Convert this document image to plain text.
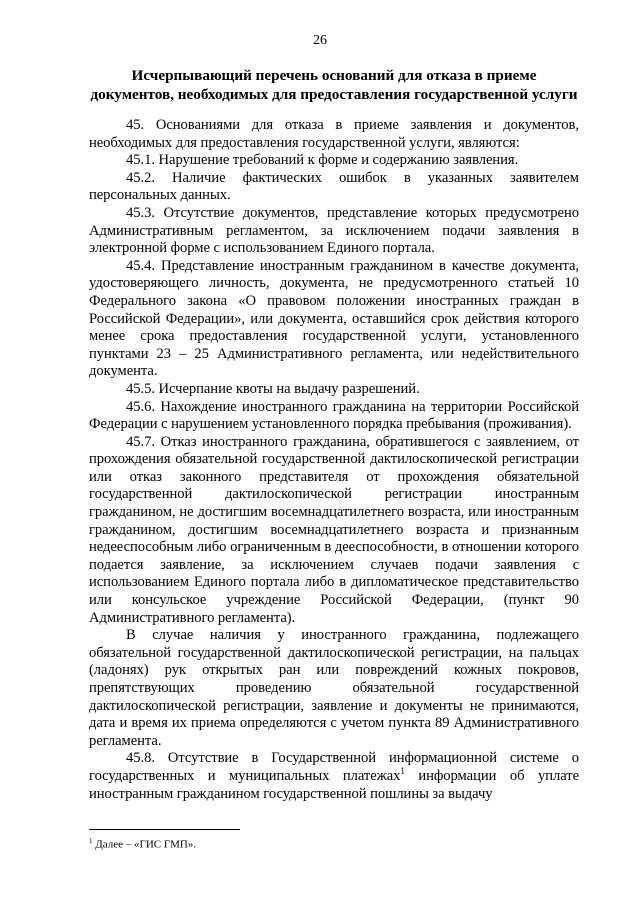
26
Исчерпывающий перечень оснований для отказа в приеме
документов, необходимых для предоставления государственной услуги

45. Основаниями для отказа в приеме заявления и документов, необходимых для предоставления государственной услуги, являются:

45.1. Нарушение требований к форме и содержанию заявления.

45.2. Наличие фактических ошибок в указанных заявителем персональных данных.

45.3. Отсутствие документов, представление которых предусмотрено Административным регламентом, за исключением подачи заявления в электронной форме с использованием Единого портала.

45.4. Представление иностранным гражданином в качестве документа, удостоверяющего личность, документа, не предусмотренного статьей 10 Федерального закона «О правовом положении иностранных граждан в Российской Федерации», или документа, оставшийся срок действия которого менее срока предоставления государственной услуги, установленного пунктами 23 – 25 Административного регламента, или недействительного документа.

45.5. Исчерпание квоты на выдачу разрешений.

45.6. Нахождение иностранного гражданина на территории Российской Федерации с нарушением установленного порядка пребывания (проживания).

45.7. Отказ иностранного гражданина, обратившегося с заявлением, от прохождения обязательной государственной дактилоскопической регистрации или отказ законного представителя от прохождения обязательной государственной дактилоскопической регистрации иностранным гражданином, не достигшим восемнадцатилетнего возраста, или иностранным гражданином, достигшим восемнадцатилетнего возраста и признанным недееспособным либо ограниченным в дееспособности, в отношении которого подается заявление, за исключением случаев подачи заявления с использованием Единого портала либо в дипломатическое представительство или консульское учреждение Российской Федерации, (пункт 90 Административного регламента).

В случае наличия у иностранного гражданина, подлежащего обязательной государственной дактилоскопической регистрации, на пальцах (ладонях) рук открытых ран или повреждений кожных покровов, препятствующих проведению обязательной государственной дактилоскопической регистрации, заявление и документы не принимаются, дата и время их приема определяются с учетом пункта 89 Административного регламента.

45.8. Отсутствие в Государственной информационной системе о государственных и муниципальных платежах$^1$ информации об уплате иностранным гражданином государственной пошлины за выдачу

$^1$ Далее – «ГИС ГМП».
